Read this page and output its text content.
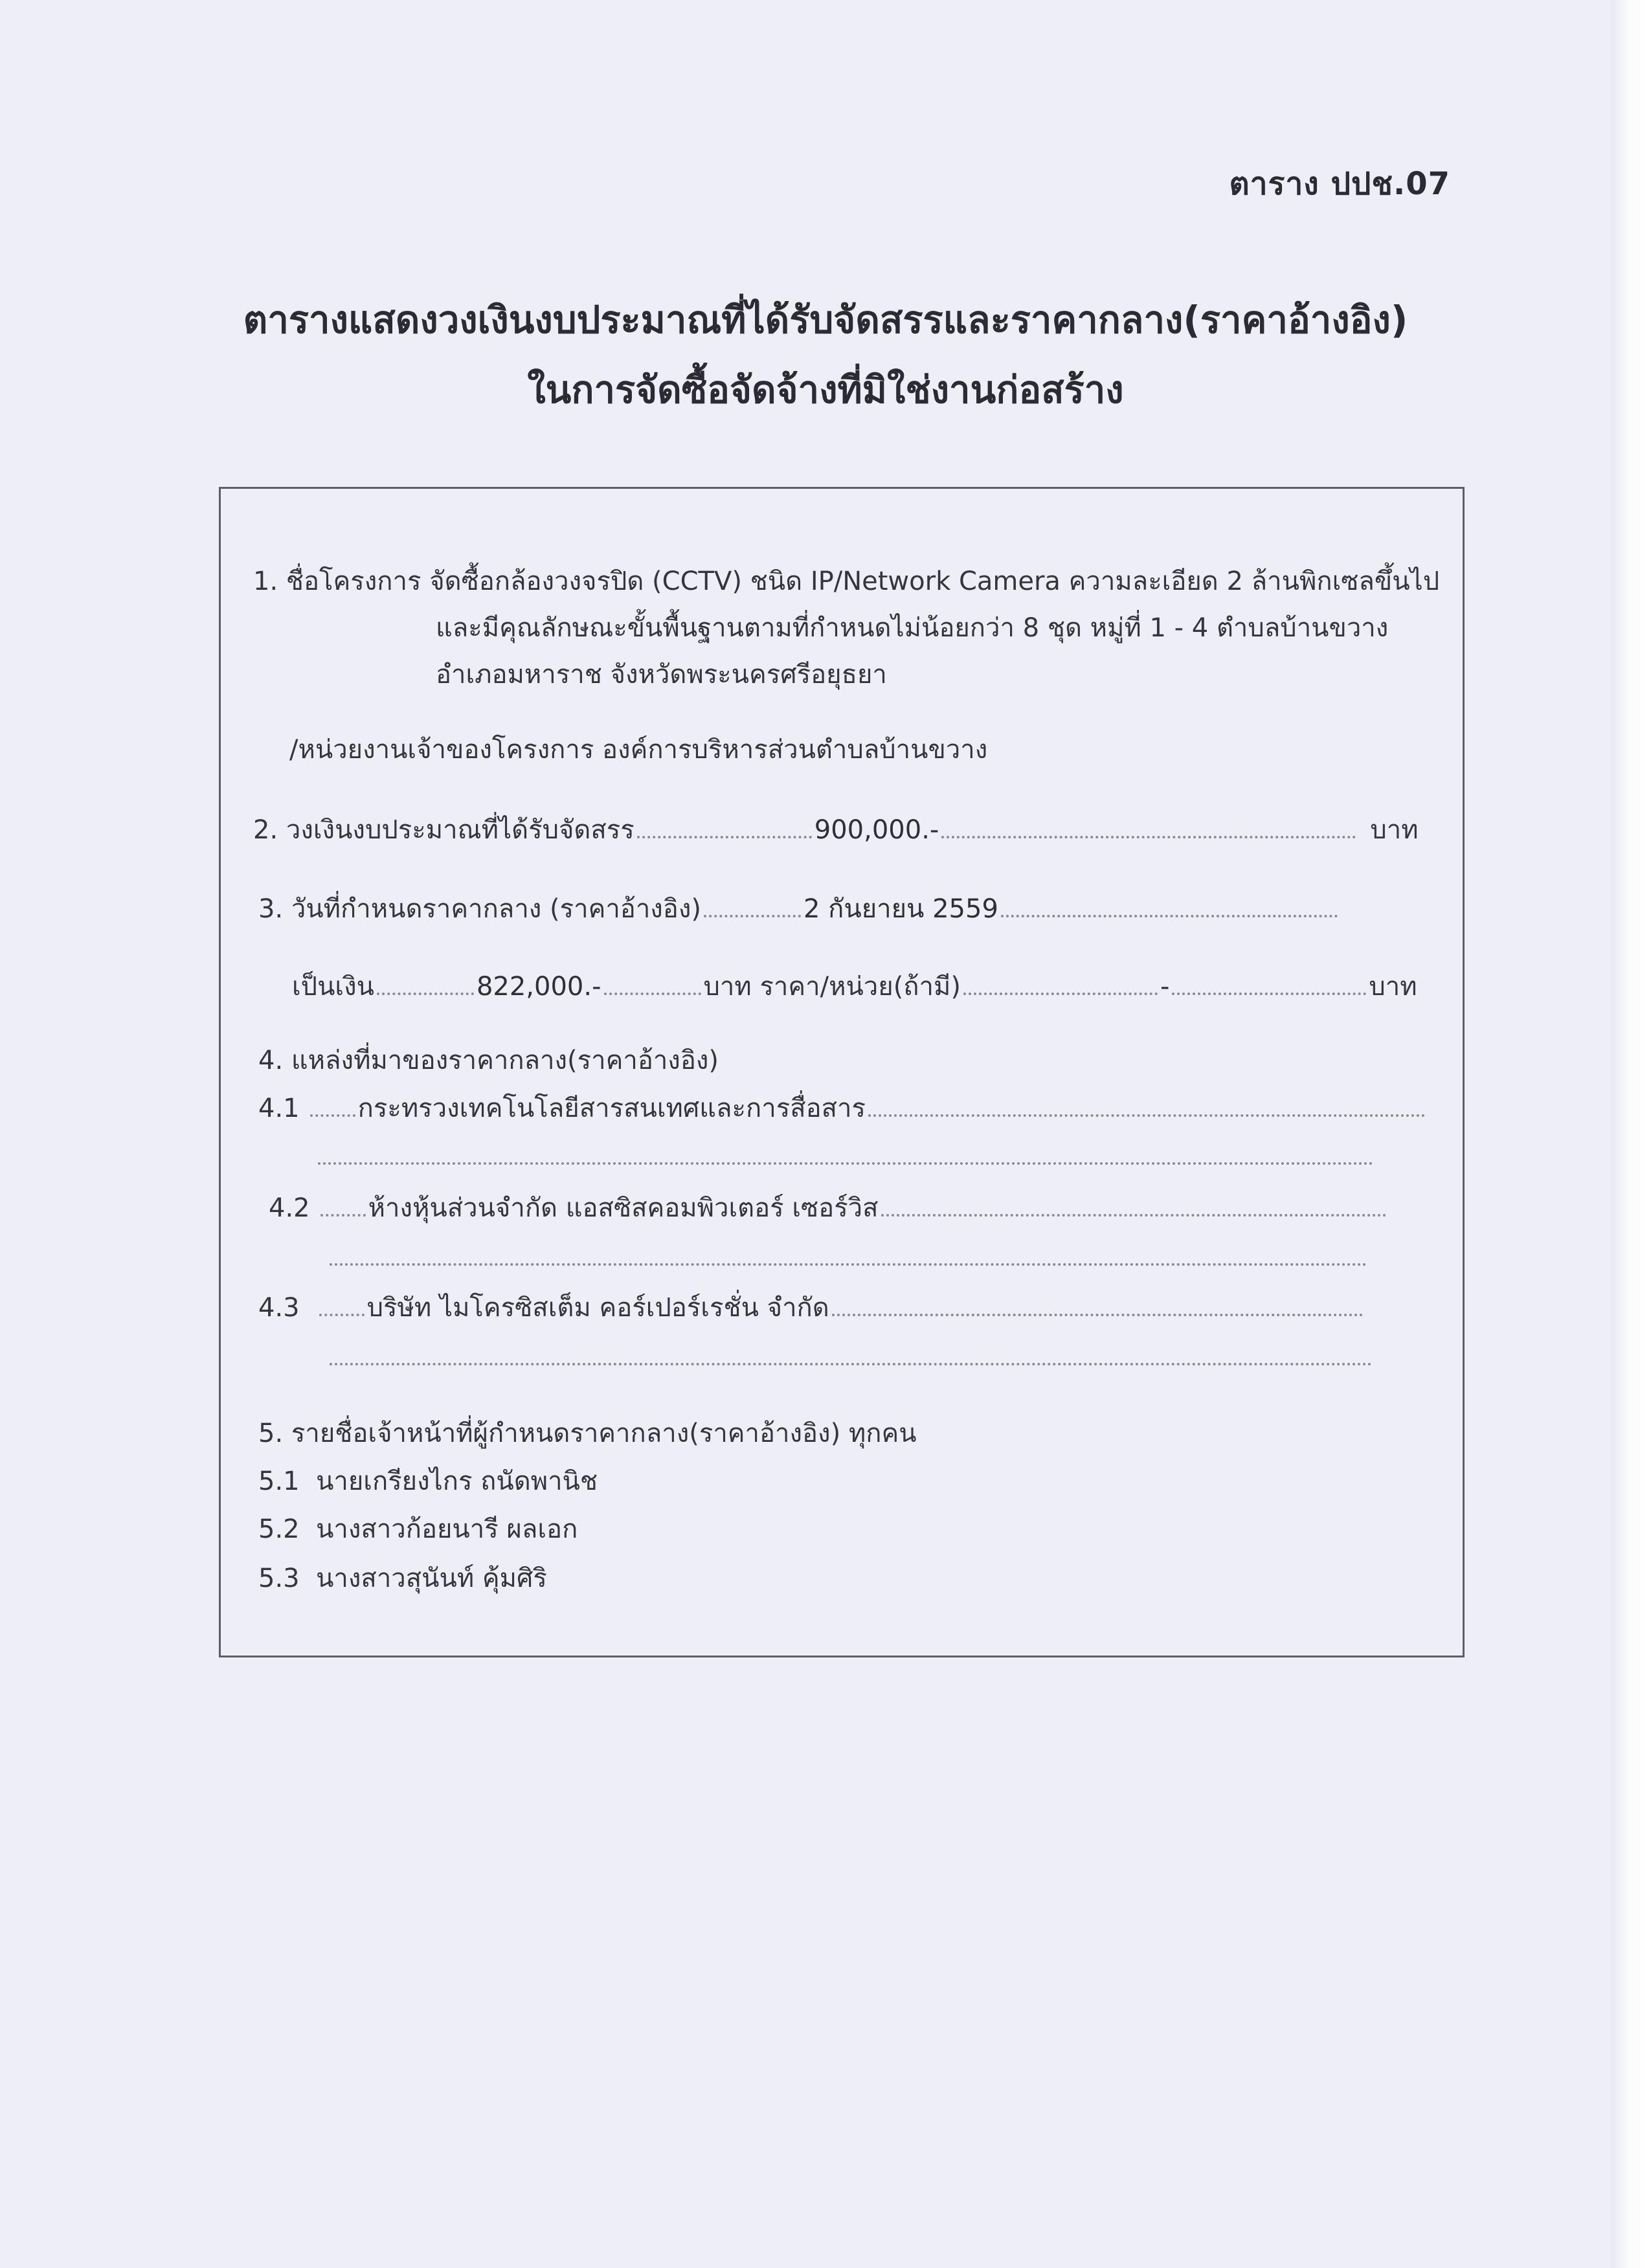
ตาราง ปปช.07
ตารางแสดงวงเงินงบประมาณที่ได้รับจัดสรรและราคากลาง(ราคาอ้างอิง)
ในการจัดซื้อจัดจ้างที่มิใช่งานก่อสร้าง
1. ชื่อโครงการ จัดซื้อกล้องวงจรปิด (CCTV) ชนิด IP/Network Camera ความละเอียด 2 ล้านพิกเซลขึ้นไป
และมีคุณลักษณะขั้นพื้นฐานตามที่กำหนดไม่น้อยกว่า 8 ชุด หมู่ที่ 1 - 4 ตำบลบ้านขวาง
อำเภอมหาราช จังหวัดพระนครศรีอยุธยา
/หน่วยงานเจ้าของโครงการ องค์การบริหารส่วนตำบลบ้านขวาง
2. วงเงินงบประมาณที่ได้รับจัดสรร	900,000.-	บาท
3. วันที่กำหนดราคากลาง (ราคาอ้างอิง)	2 กันยายน 2559
เป็นเงิน	822,000.-	บาท ราคา/หน่วย(ถ้ามี)	-	บาท
4. แหล่งที่มาของราคากลาง(ราคาอ้างอิง)
4.1 กระทรวงเทคโนโลยีสารสนเทศและการสื่อสาร
4.2 ห้างหุ้นส่วนจำกัด แอสซิสคอมพิวเตอร์ เซอร์วิส
4.3	บริษัท ไมโครซิสเต็ม คอร์เปอร์เรชั่น จำกัด
5. รายชื่อเจ้าหน้าที่ผู้กำหนดราคากลาง(ราคาอ้างอิง) ทุกคน
5.1 นายเกรียงไกร ถนัดพานิช
5.2 นางสาวก้อยนารี ผลเอก
5.3 นางสาวสุนันท์ คุ้มศิริ
